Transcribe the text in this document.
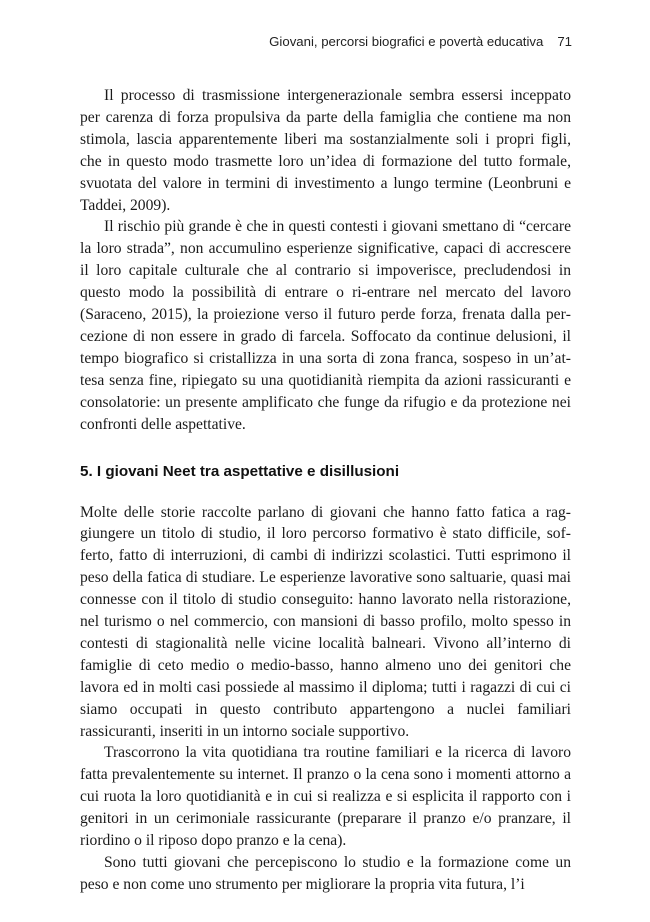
Giovani, percorsi biografici e povertà educativa 71

Il processo di trasmissione intergenerazionale sembra essersi inceppato per carenza di forza propulsiva da parte della famiglia che contiene ma non stimola, lascia apparentemente liberi ma sostanzialmente soli i propri figli, che in questo modo trasmette loro un’idea di formazione del tutto formale, svuotata del valore in termini di investimento a lungo termine (Leonbruni e Taddei, 2009).

Il rischio più grande è che in questi contesti i giovani smettano di “cercare la loro strada”, non accumulino esperienze significative, capaci di accrescere il loro capitale culturale che al contrario si impoverisce, precludendosi in questo modo la possibilità di entrare o ri-entrare nel mercato del lavoro (Saraceno, 2015), la proiezione verso il futuro perde forza, frenata dalla percezione di non essere in grado di farcela. Soffocato da continue delusioni, il tempo biografico si cristallizza in una sorta di zona franca, sospeso in un’attesa senza fine, ripiegato su una quotidianità riempita da azioni rassicuranti e consolatorie: un presente amplificato che funge da rifugio e da protezione nei confronti delle aspettative.

5. I giovani Neet tra aspettative e disillusioni

Molte delle storie raccolte parlano di giovani che hanno fatto fatica a raggiungere un titolo di studio, il loro percorso formativo è stato difficile, sofferto, fatto di interruzioni, di cambi di indirizzi scolastici. Tutti esprimono il peso della fatica di studiare. Le esperienze lavorative sono saltuarie, quasi mai connesse con il titolo di studio conseguito: hanno lavorato nella ristorazione, nel turismo o nel commercio, con mansioni di basso profilo, molto spesso in contesti di stagionalità nelle vicine località balneari. Vivono all’interno di famiglie di ceto medio o medio-basso, hanno almeno uno dei genitori che lavora ed in molti casi possiede al massimo il diploma; tutti i ragazzi di cui ci siamo occupati in questo contributo appartengono a nuclei familiari rassicuranti, inseriti in un intorno sociale supportivo.

Trascorrono la vita quotidiana tra routine familiari e la ricerca di lavoro fatta prevalentemente su internet. Il pranzo o la cena sono i momenti attorno a cui ruota la loro quotidianità e in cui si realizza e si esplicita il rapporto con i genitori in un cerimoniale rassicurante (preparare il pranzo e/o pranzare, il riordino o il riposo dopo pranzo e la cena).

Sono tutti giovani che percepiscono lo studio e la formazione come un peso e non come uno strumento per migliorare la propria vita futura, l’i
